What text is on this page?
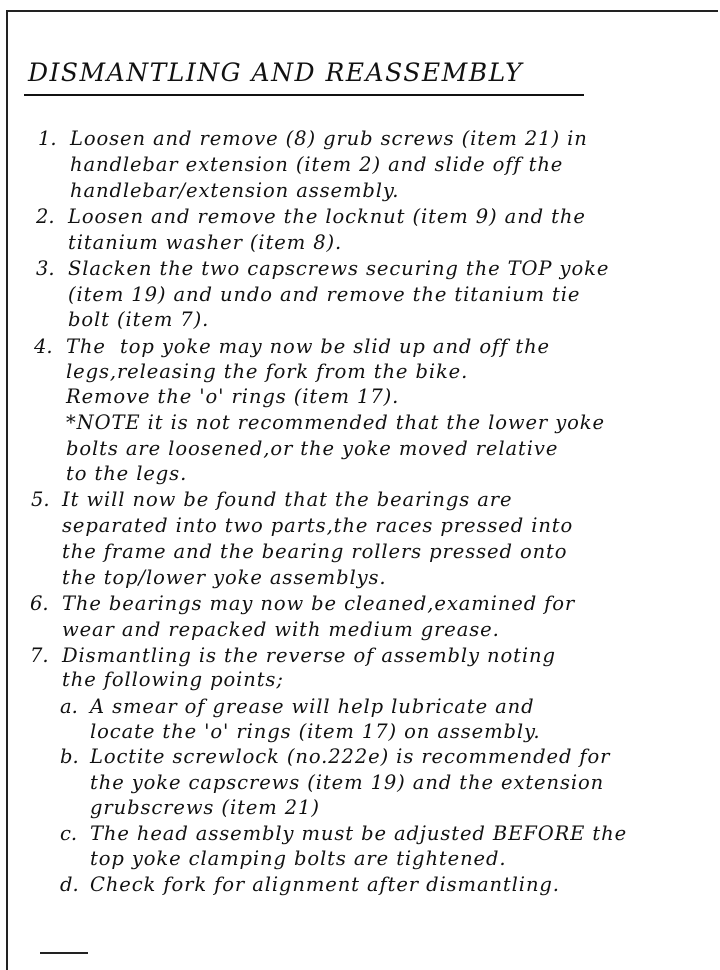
DISMANTLING AND REASSEMBLY
1. Loosen and remove (8) grub screws (item 21) in
handlebar extension (item 2) and slide off the
handlebar/extension assembly.
2. Loosen and remove the locknut (item 9) and the
titanium washer (item 8).
3. Slacken the two capscrews securing the TOP yoke
(item 19) and undo and remove the titanium tie
bolt (item 7).
4. The  top yoke may now be slid up and off the
legs,releasing the fork from the bike.
Remove the 'o' rings (item 17).
*NOTE it is not recommended that the lower yoke
bolts are loosened,or the yoke moved relative
to the legs.
5. It will now be found that the bearings are
separated into two parts,the races pressed into
the frame and the bearing rollers pressed onto
the top/lower yoke assemblys.
6. The bearings may now be cleaned,examined for
wear and repacked with medium grease.
7. Dismantling is the reverse of assembly noting
the following points;
a. A smear of grease will help lubricate and
locate the 'o' rings (item 17) on assembly.
b. Loctite screwlock (no.222e) is recommended for
the yoke capscrews (item 19) and the extension
grubscrews (item 21)
c. The head assembly must be adjusted BEFORE the
top yoke clamping bolts are tightened.
d. Check fork for alignment after dismantling.
